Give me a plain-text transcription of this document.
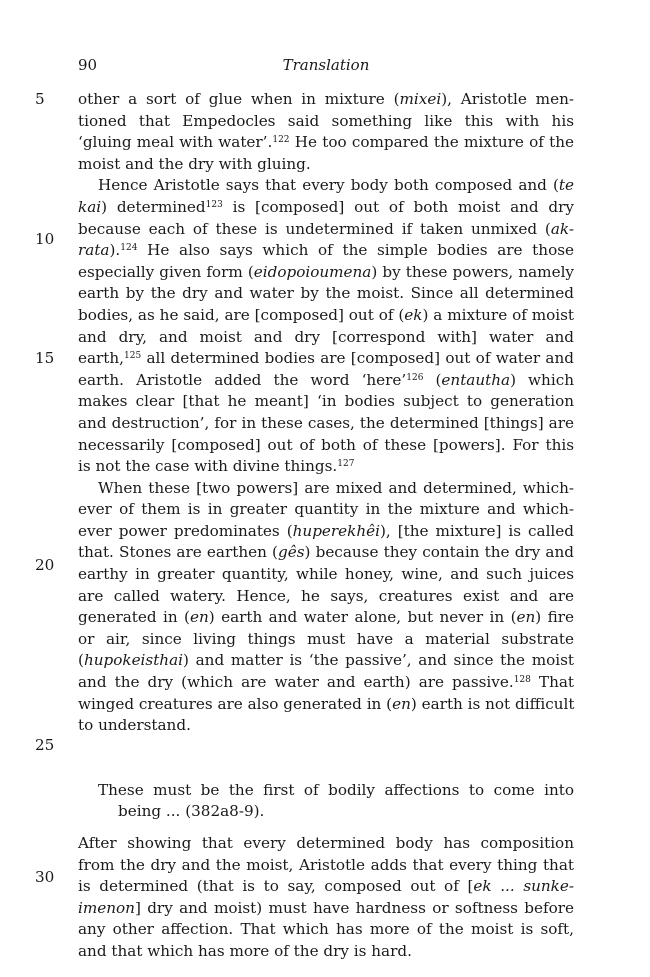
90	Translation
5
10
15
20
25
30
other a sort of glue when in mixture (mixei), Aristotle men-
tioned that Empedocles said something like this with his
‘gluing meal with water’.$^{122}$ He too compared the mixture of the
moist and the dry with gluing.
Hence Aristotle says that every body both composed and (te
kai) determined$^{123}$ is [composed] out of both moist and dry
because each of these is undetermined if taken unmixed (ak-
rata).$^{124}$ He also says which of the simple bodies are those
especially given form (eidopoioumena) by these powers, namely
earth by the dry and water by the moist. Since all determined
bodies, as he said, are [composed] out of (ek) a mixture of moist
and dry, and moist and dry [correspond with] water and
earth,$^{125}$ all determined bodies are [composed] out of water and
earth. Aristotle added the word ‘here’$^{126}$ (entautha) which
makes clear [that he meant] ‘in bodies subject to generation
and destruction’, for in these cases, the determined [things] are
necessarily [composed] out of both of these [powers]. For this
is not the case with divine things.$^{127}$
When these [two powers] are mixed and determined, which-
ever of them is in greater quantity in the mixture and which-
ever power predominates (huperekhêi), [the mixture] is called
that. Stones are earthen (gês) because they contain the dry and
earthy in greater quantity, while honey, wine, and such juices
are called watery. Hence, he says, creatures exist and are
generated in (en) earth and water alone, but never in (en) fire
or air, since living things must have a material substrate
(hupokeisthai) and matter is ‘the passive’, and since the moist
and the dry (which are water and earth) are passive.$^{128}$ That
winged creatures are also generated in (en) earth is not difficult
to understand.
These must be the first of bodily affections to come into
being ... (382a8-9).
After showing that every determined body has composition
from the dry and the moist, Aristotle adds that every thing that
is determined (that is to say, composed out of [ek ... sunke-
imenon] dry and moist) must have hardness or softness before
any other affection. That which has more of the moist is soft,
and that which has more of the dry is hard.
